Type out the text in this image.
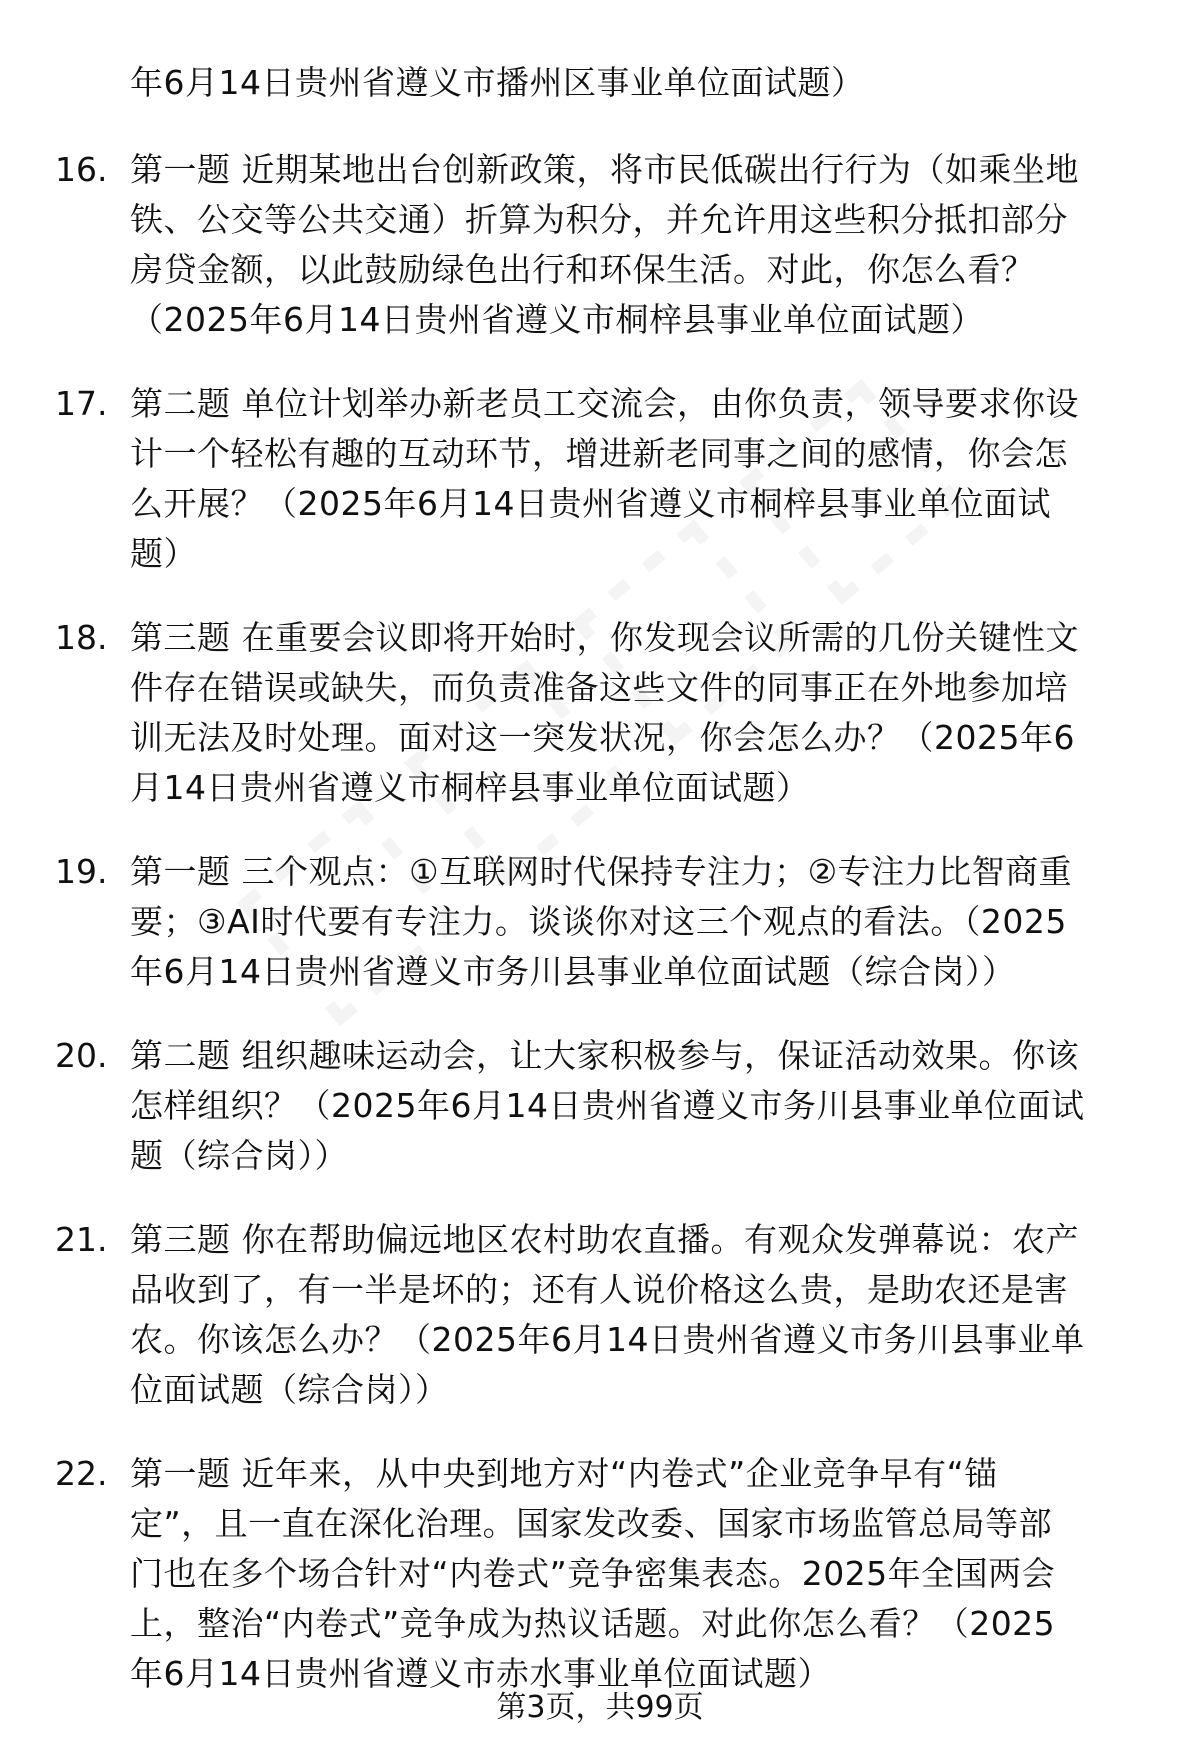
年6月14日贵州省遵义市播州区事业单位面试题）
16. 第一题 近期某地出台创新政策，将市民低碳出行行为（如乘坐地
铁、公交等公共交通）折算为积分，并允许用这些积分抵扣部分
房贷金额，以此鼓励绿色出行和环保生活。对此，你怎么看？
（2025年6月14日贵州省遵义市桐梓县事业单位面试题）
17. 第二题 单位计划举办新老员工交流会，由你负责，领导要求你设
计一个轻松有趣的互动环节，增进新老同事之间的感情，你会怎
么开展？（2025年6月14日贵州省遵义市桐梓县事业单位面试
题）
18. 第三题 在重要会议即将开始时，你发现会议所需的几份关键性文
件存在错误或缺失，而负责准备这些文件的同事正在外地参加培
训无法及时处理。面对这一突发状况，你会怎么办？（2025年6
月14日贵州省遵义市桐梓县事业单位面试题）
19. 第一题 三个观点：①互联网时代保持专注力；②专注力比智商重
要；③AI时代要有专注力。谈谈你对这三个观点的看法。（2025
年6月14日贵州省遵义市务川县事业单位面试题（综合岗））
20. 第二题 组织趣味运动会，让大家积极参与，保证活动效果。你该
怎样组织？（2025年6月14日贵州省遵义市务川县事业单位面试
题（综合岗））
21. 第三题 你在帮助偏远地区农村助农直播。有观众发弹幕说：农产
品收到了，有一半是坏的；还有人说价格这么贵，是助农还是害
农。你该怎么办？（2025年6月14日贵州省遵义市务川县事业单
位面试题（综合岗））
22. 第一题 近年来，从中央到地方对“内卷式”企业竞争早有“锚
定”，且一直在深化治理。国家发改委、国家市场监管总局等部
门也在多个场合针对“内卷式”竞争密集表态。2025年全国两会
上，整治“内卷式”竞争成为热议话题。对此你怎么看？（2025
年6月14日贵州省遵义市赤水事业单位面试题）
第3页，共99页
